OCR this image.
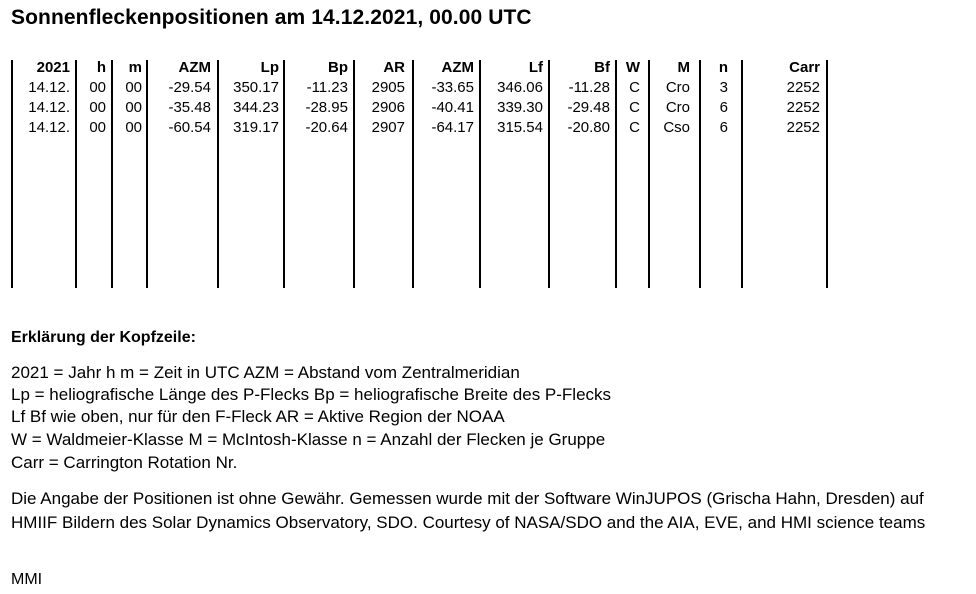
Sonnenfleckenpositionen am 14.12.2021, 00.00 UTC
2021 h m AZM	Lp	Bp AR AZM	Lf	Bf W	M n	Carr
14.12. 00 00 -29.54 350.17 -11.23 2905 -33.65 346.06 -11.28 C Cro 3	2252
14.12. 00 00 -35.48 344.23 -28.95 2906 -40.41 339.30 -29.48 C Cro 6	2252
14.12. 00 00 -60.54 319.17 -20.64 2907 -64.17 315.54 -20.80 C Cso 6	2252
Erklärung der Kopfzeile:
2021 = Jahr h m = Zeit in UTC AZM = Abstand vom Zentralmeridian
Lp = heliografische Länge des P-Flecks Bp = heliografische Breite des P-Flecks
Lf Bf wie oben, nur für den F-Fleck AR = Aktive Region der NOAA
W = Waldmeier-Klasse M = McIntosh-Klasse n = Anzahl der Flecken je Gruppe
Carr = Carrington Rotation Nr.
Die Angabe der Positionen ist ohne Gewähr. Gemessen wurde mit der Software WinJUPOS (Grischa Hahn, Dresden) auf HMIIF Bildern des Solar Dynamics Observatory, SDO. Courtesy of NASA/SDO and the AIA, EVE, and HMI science teams
MMI
